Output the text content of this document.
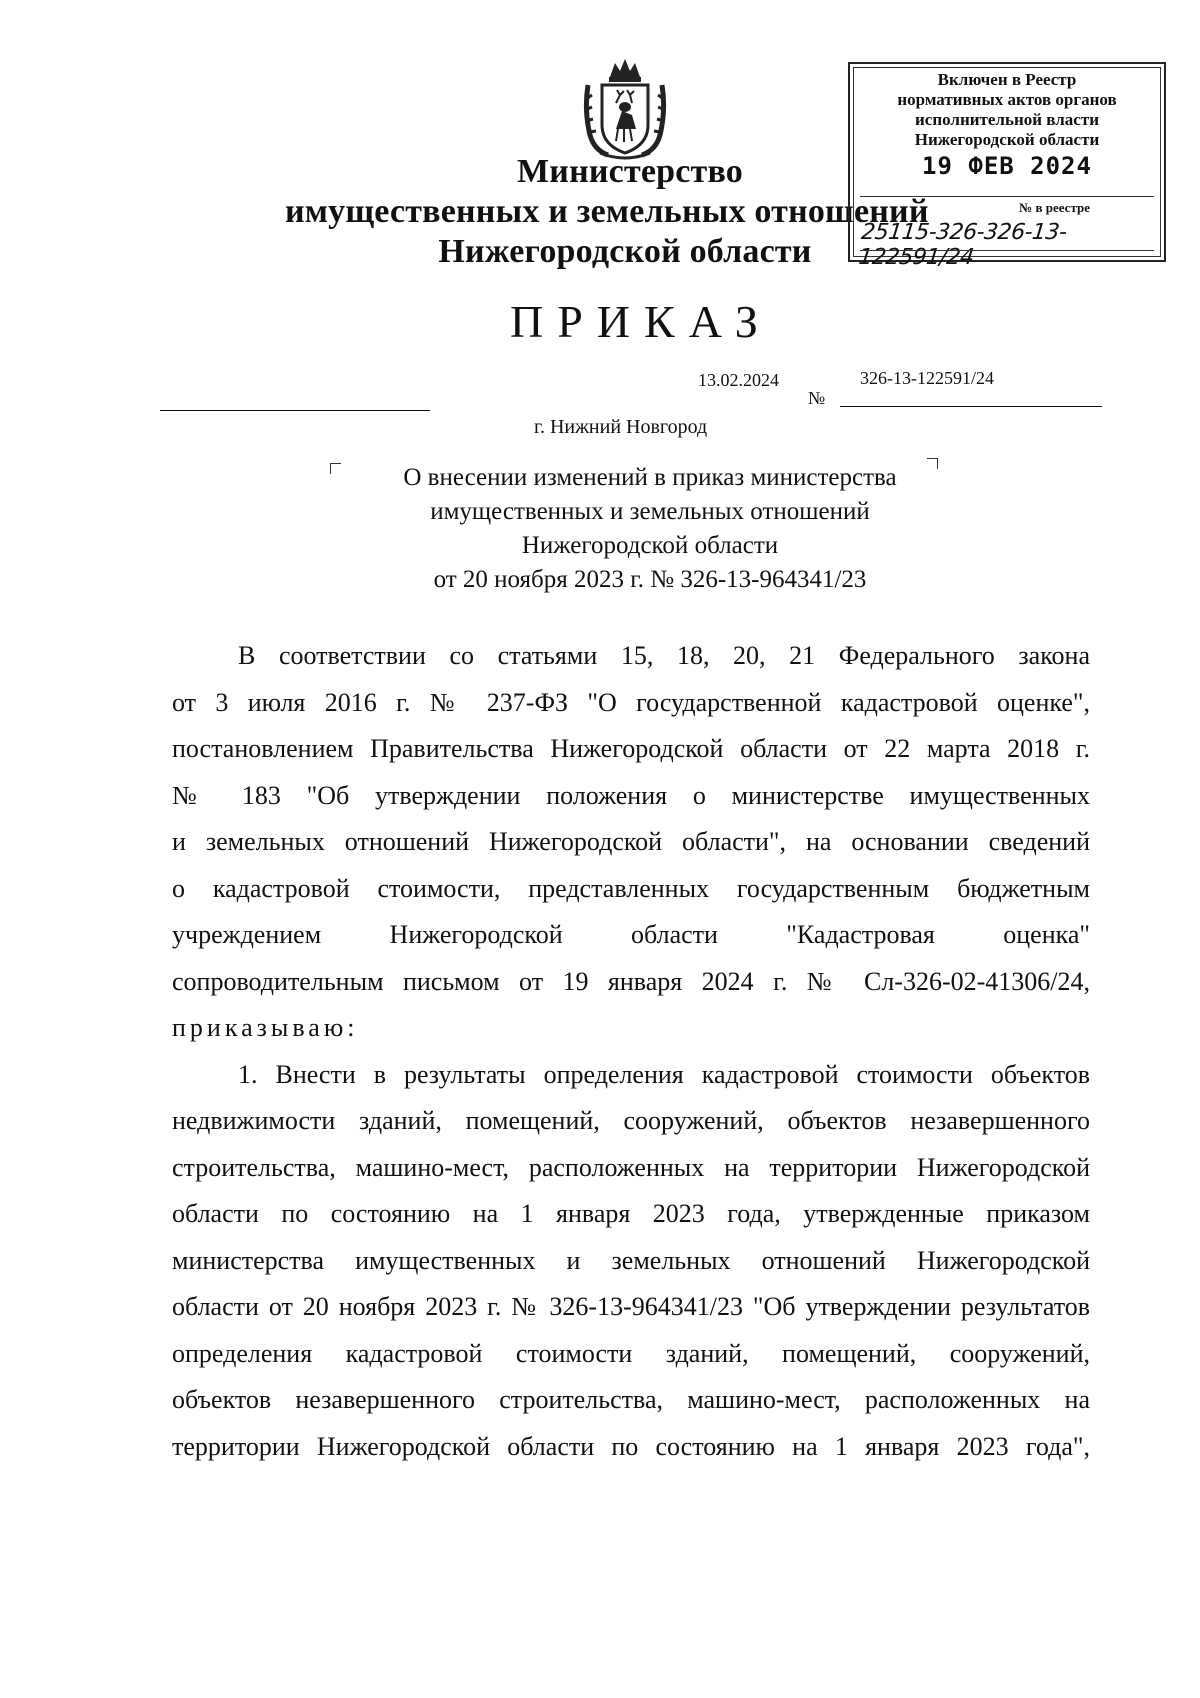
Министерство
имущественных и земельных отношений
Нижегородской области
Включен в Реестр
нормативных актов органов
исполнительной власти
Нижегородской области
19 ФЕВ 2024
№ в реестре
25115-326-326-13-122591/24
ПРИКАЗ
13.02.2024
№
326-13-122591/24
г. Нижний Новгород
О внесении изменений в приказ министерства
имущественных и земельных отношений
Нижегородской области
от 20 ноября 2023 г. № 326-13-964341/23
В соответствии со статьями 15, 18, 20, 21 Федерального закона
от 3 июля 2016 г. № 237-ФЗ "О государственной кадастровой оценке",
постановлением Правительства Нижегородской области от 22 марта 2018 г.
№ 183 "Об утверждении положения о министерстве имущественных
и земельных отношений Нижегородской области", на основании сведений
о кадастровой стоимости, представленных государственным бюджетным
учреждением Нижегородской области "Кадастровая оценка"
сопроводительным письмом от 19 января 2024 г. № Сл-326-02-41306/24,
приказываю:
1. Внести в результаты определения кадастровой стоимости объектов
недвижимости зданий, помещений, сооружений, объектов незавершенного
строительства, машино-мест, расположенных на территории Нижегородской
области по состоянию на 1 января 2023 года, утвержденные приказом
министерства имущественных и земельных отношений Нижегородской
области от 20 ноября 2023 г. № 326-13-964341/23 "Об утверждении результатов
определения кадастровой стоимости зданий, помещений, сооружений,
объектов незавершенного строительства, машино-мест, расположенных на
территории Нижегородской области по состоянию на 1 января 2023 года",
